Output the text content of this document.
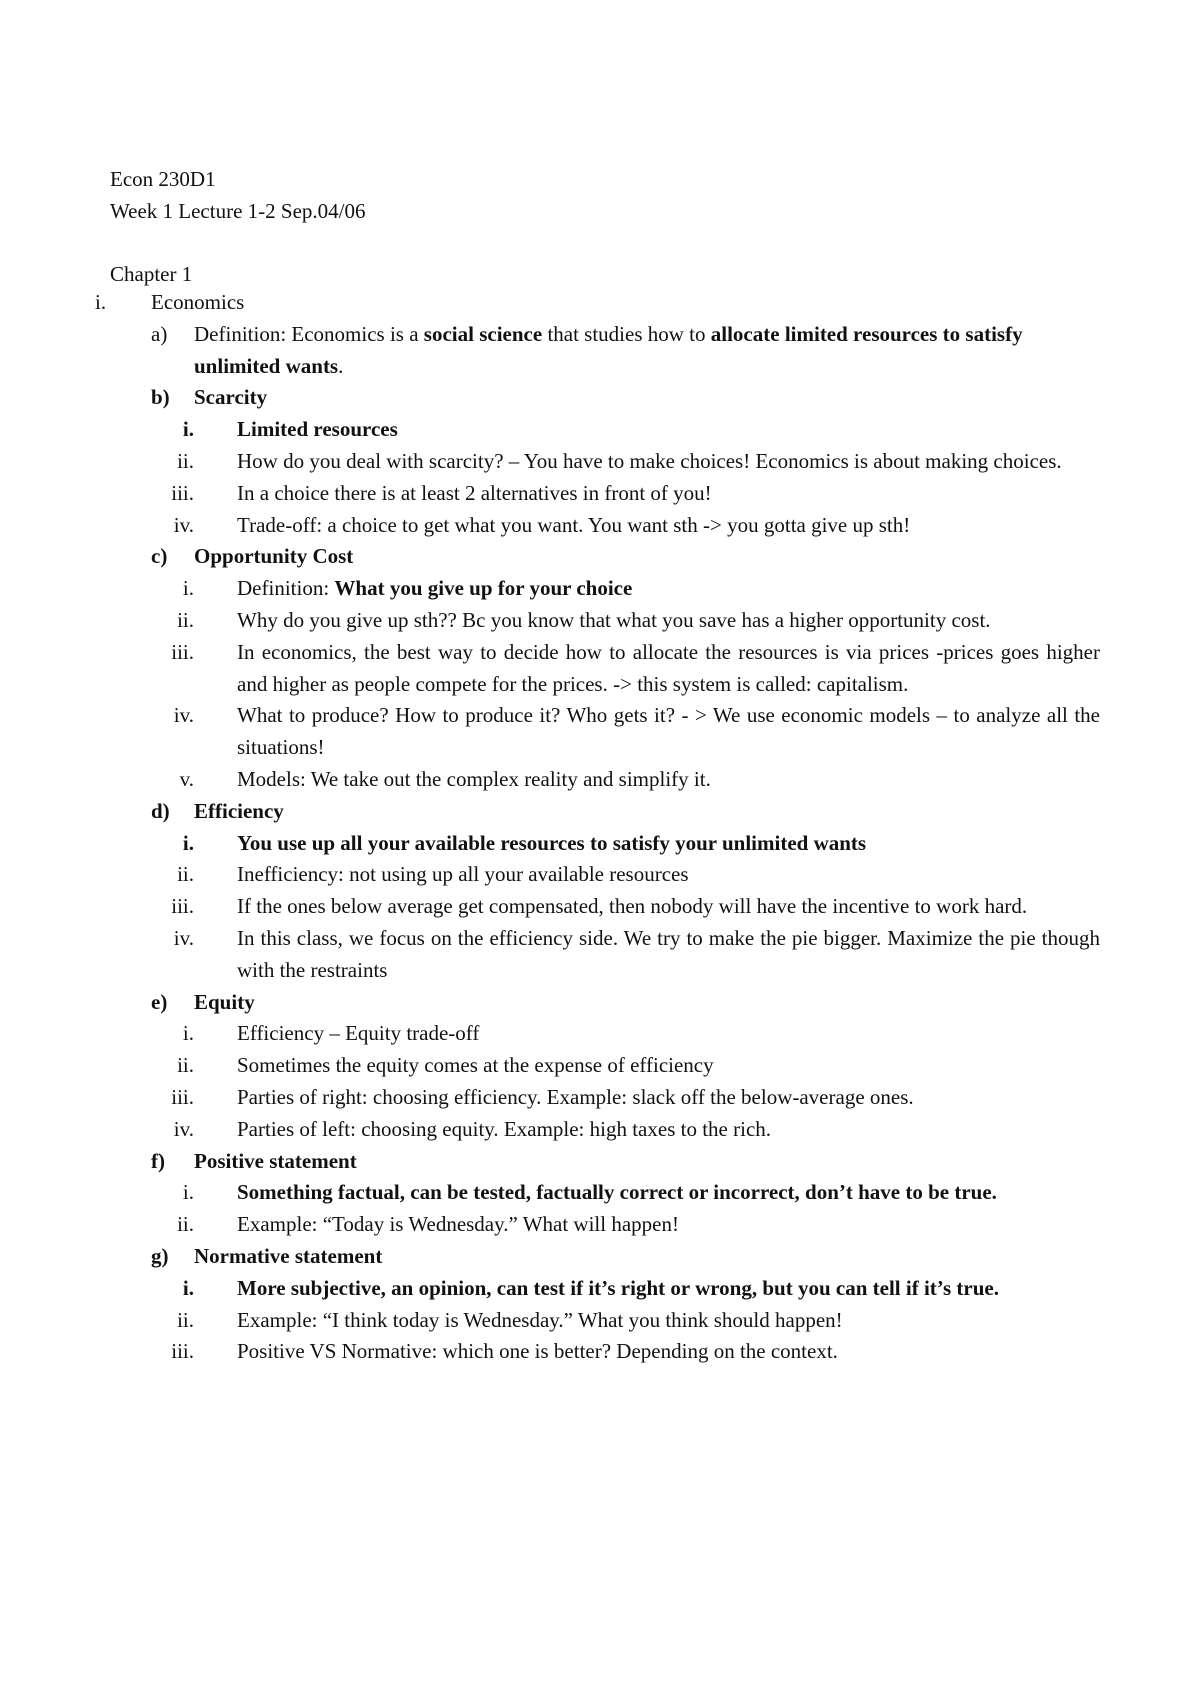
Econ 230D1
Week 1 Lecture 1-2 Sep.04/06
Chapter 1
i. Economics
a) Definition: Economics is a social science that studies how to allocate limited resources to satisfy unlimited wants.
b) Scarcity
i. Limited resources
ii. How do you deal with scarcity? – You have to make choices! Economics is about making choices.
iii. In a choice there is at least 2 alternatives in front of you!
iv. Trade-off: a choice to get what you want. You want sth -> you gotta give up sth!
c) Opportunity Cost
i. Definition: What you give up for your choice
ii. Why do you give up sth?? Bc you know that what you save has a higher opportunity cost.
iii. In economics, the best way to decide how to allocate the resources is via prices -prices goes higher and higher as people compete for the prices. -> this system is called: capitalism.
iv. What to produce? How to produce it? Who gets it? - > We use economic models – to analyze all the situations!
v. Models: We take out the complex reality and simplify it.
d) Efficiency
i. You use up all your available resources to satisfy your unlimited wants
ii. Inefficiency: not using up all your available resources
iii. If the ones below average get compensated, then nobody will have the incentive to work hard.
iv. In this class, we focus on the efficiency side. We try to make the pie bigger. Maximize the pie though with the restraints
e) Equity
i. Efficiency – Equity trade-off
ii. Sometimes the equity comes at the expense of efficiency
iii. Parties of right: choosing efficiency. Example: slack off the below-average ones.
iv. Parties of left: choosing equity. Example: high taxes to the rich.
f) Positive statement
i. Something factual, can be tested, factually correct or incorrect, don’t have to be true.
ii. Example: “Today is Wednesday.” What will happen!
g) Normative statement
i. More subjective, an opinion, can test if it’s right or wrong, but you can tell if it’s true.
ii. Example: “I think today is Wednesday.” What you think should happen!
iii. Positive VS Normative: which one is better? Depending on the context.
